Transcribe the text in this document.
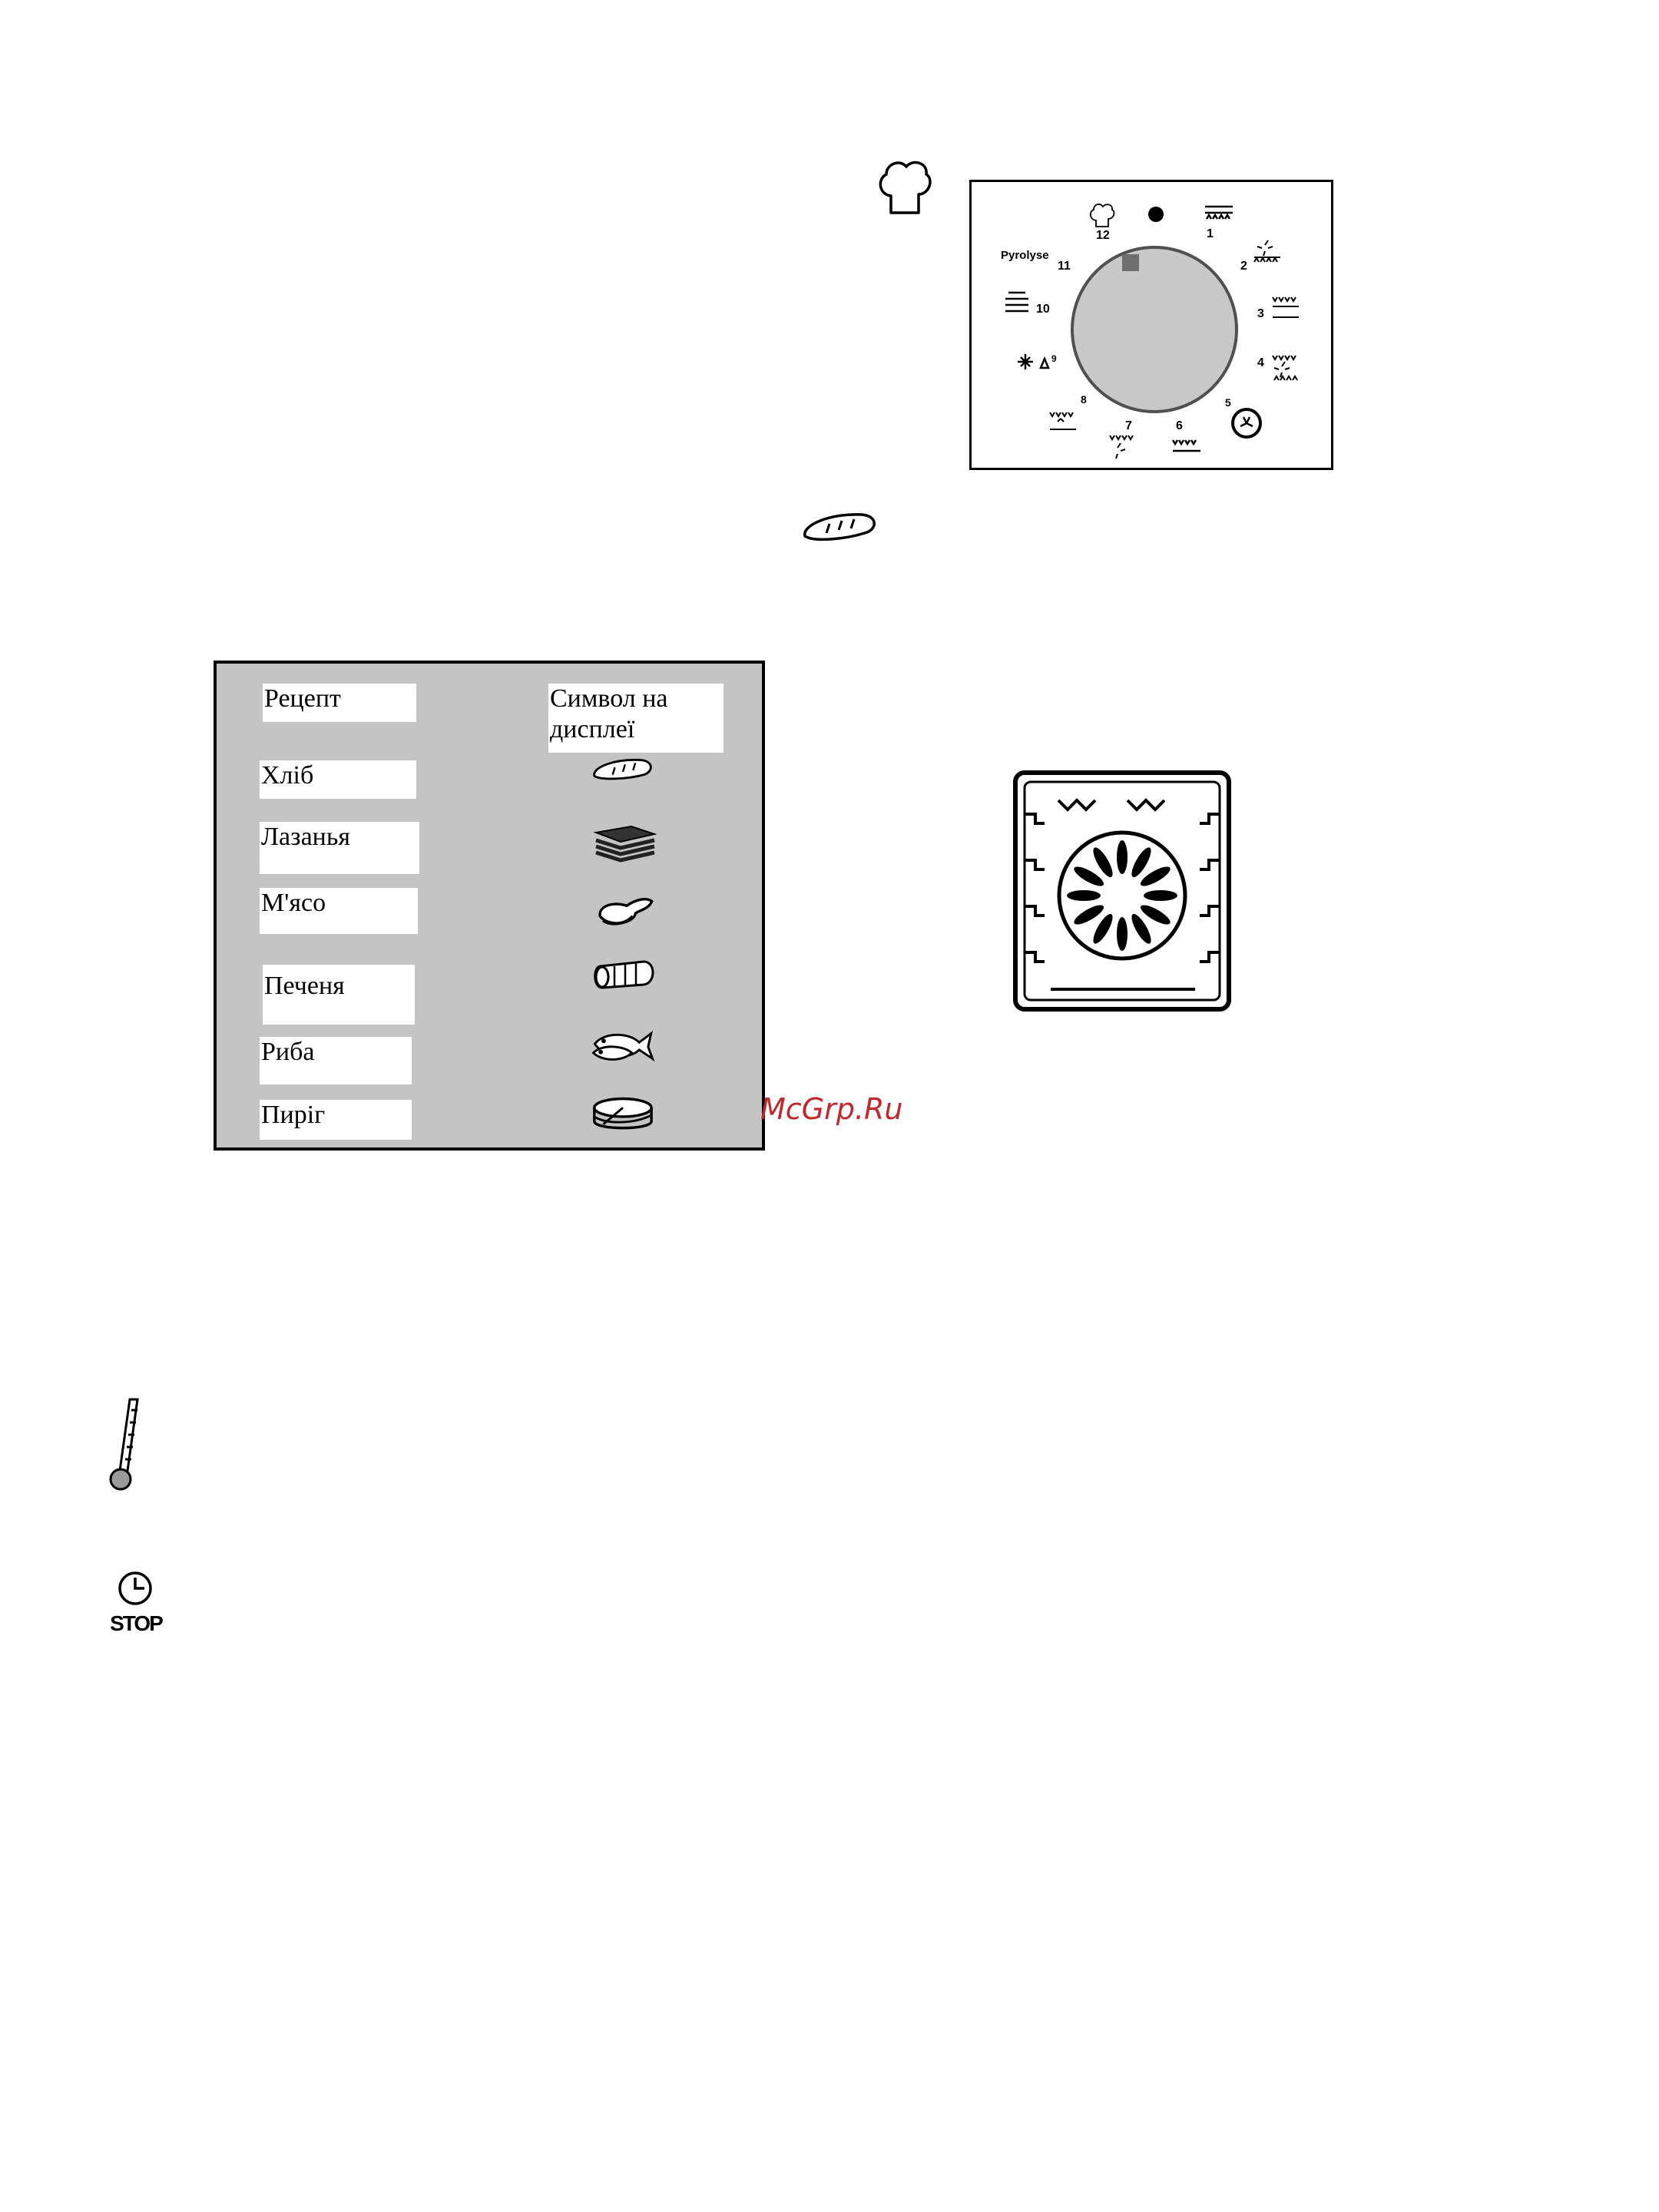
12	1
Pyrolyse
11	2
10	3
9	4
8	5
7	6
Рецепт	Символ на дисплеї
Хліб
Лазанья
М'ясо
Печеня
Риба
Пиріг	McGrp.Ru
STOP
